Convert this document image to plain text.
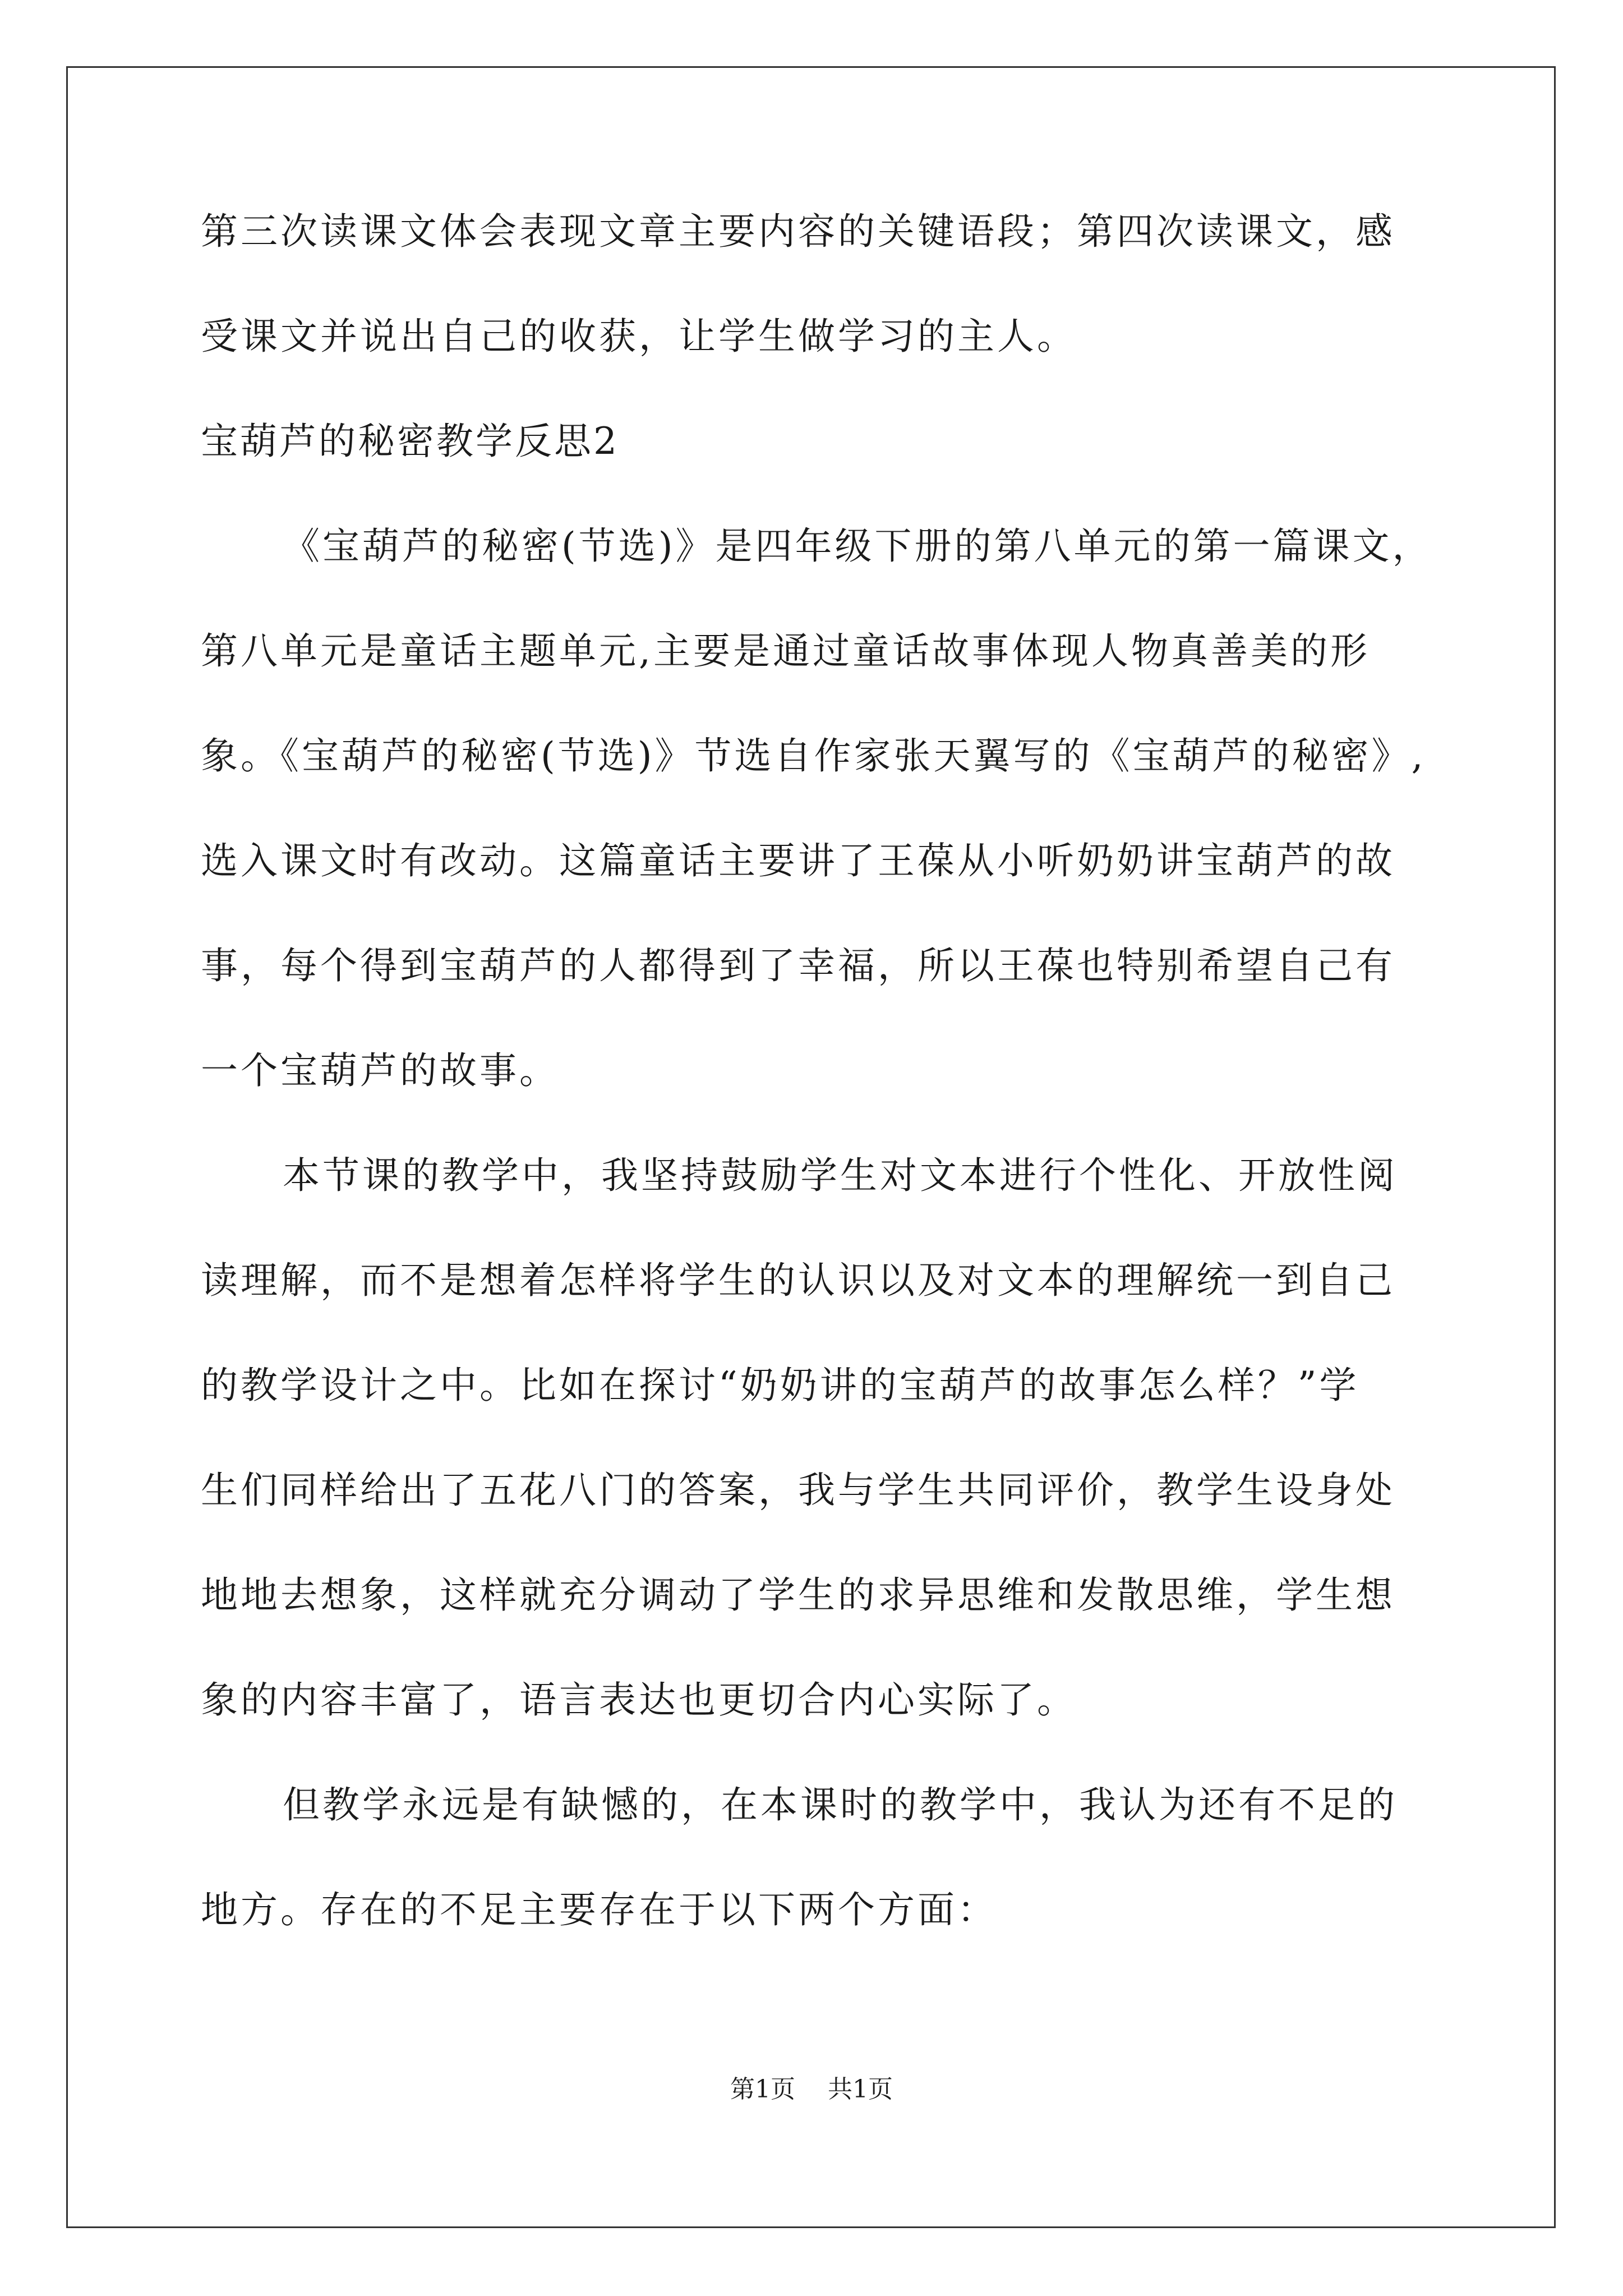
第三次读课文体会表现文章主要内容的关键语段；第四次读课文，感
受课文并说出自己的收获，让学生做学习的主人。
宝葫芦的秘密教学反思2
《宝葫芦的秘密(节选)》是四年级下册的第八单元的第一篇课文，
第八单元是童话主题单元,主要是通过童话故事体现人物真善美的形
象。《宝葫芦的秘密(节选)》节选自作家张天翼写的《宝葫芦的秘密》,
选入课文时有改动。这篇童话主要讲了王葆从小听奶奶讲宝葫芦的故
事，每个得到宝葫芦的人都得到了幸福，所以王葆也特别希望自己有
一个宝葫芦的故事。
本节课的教学中，我坚持鼓励学生对文本进行个性化、开放性阅
读理解，而不是想着怎样将学生的认识以及对文本的理解统一到自己
的教学设计之中。比如在探讨“奶奶讲的宝葫芦的故事怎么样？”学
生们同样给出了五花八门的答案，我与学生共同评价，教学生设身处
地地去想象，这样就充分调动了学生的求异思维和发散思维，学生想
象的内容丰富了，语言表达也更切合内心实际了。
但教学永远是有缺憾的，在本课时的教学中，我认为还有不足的
地方。存在的不足主要存在于以下两个方面：
第1页 共1页
